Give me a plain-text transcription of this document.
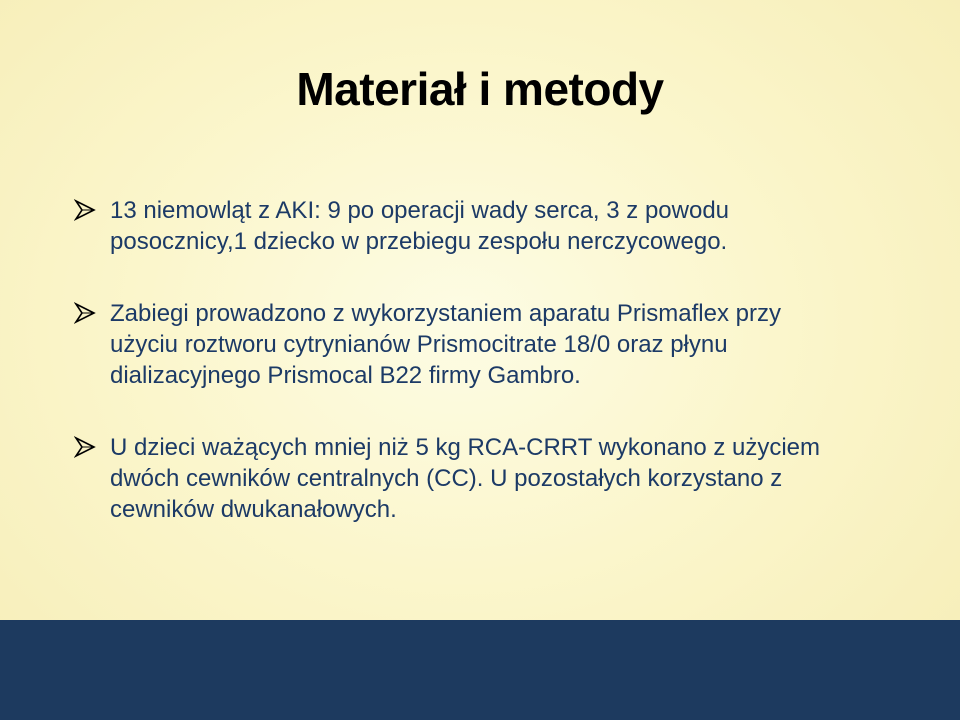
Materiał i metody
13 niemowląt z AKI: 9 po operacji wady serca, 3 z powodu posocznicy,1 dziecko w przebiegu zespołu nerczycowego.
Zabiegi prowadzono z wykorzystaniem aparatu Prismaflex przy użyciu roztworu cytrynianów Prismocitrate 18/0 oraz płynu dializacyjnego Prismocal B22 firmy Gambro.
U dzieci ważących mniej niż 5 kg RCA-CRRT wykonano z użyciem dwóch cewników centralnych (CC). U pozostałych korzystano z cewników dwukanałowych.
